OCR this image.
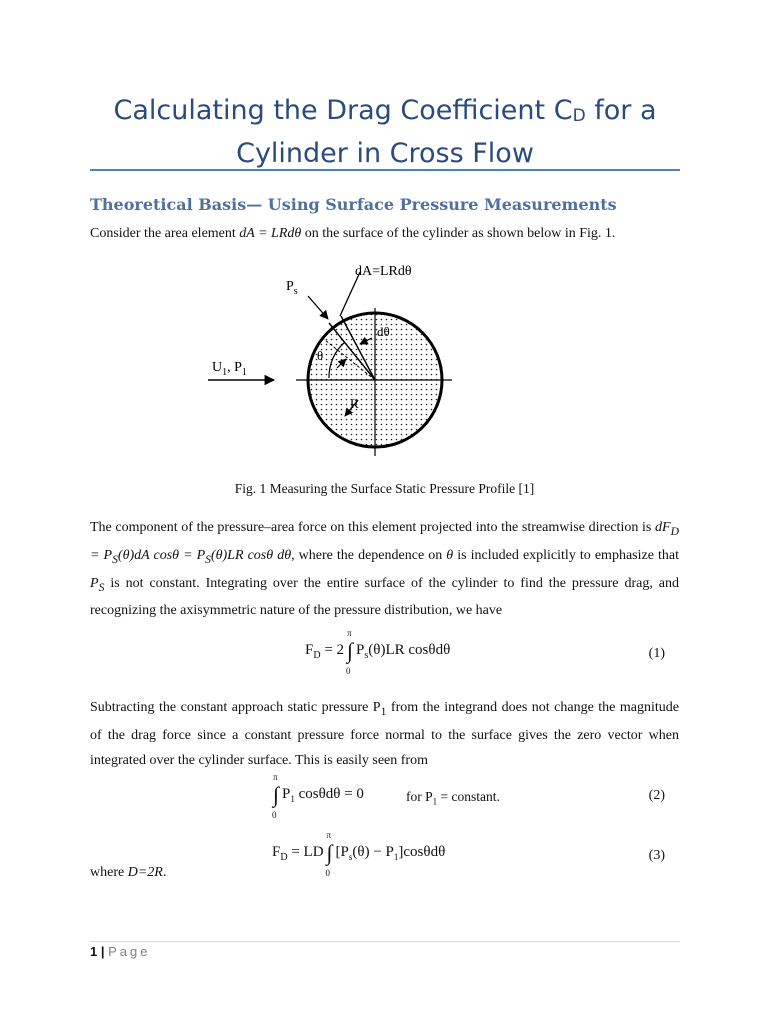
Calculating the Drag Coefficient $C_D$ for a
Cylinder in Cross Flow
Theoretical Basis— Using Surface Pressure Measurements

Consider the area element dA = LRdθ on the surface of the cylinder as shown below in Fig. 1.

$P_s$
dA=LRdθ
dθ
θ
R
$U_1$, $P_1$
Fig. 1 Measuring the Surface Static Pressure Profile [1]

The component of the pressure–area force on this element projected into the streamwise direction is $dF_D = P_S(\theta)dA$ $\cos\theta = P_S(\theta)LR$ cosθ dθ, where the dependence on θ is included explicitly to emphasize that $P_S$ is not constant. Integrating over the entire surface of the cylinder to find the pressure drag, and recognizing the axisymmetric nature of the pressure distribution, we have

$F_D = 2$ ∫
π
0
$P_s(\theta)LR$ cosθdθ	(1)

Subtracting the constant approach static pressure $P_1$ from the integrand does not change the magnitude of the drag force since a constant pressure force normal to the surface gives the zero vector when integrated over the cylinder surface. This is easily seen from

∫
π
0
$P_1$ cosθdθ = 0	for $P_1$ = constant.	(2)
$F_D$ = LD ∫
π
0
$[P_s(\theta) - P_1]\cos\theta d\theta$	(3)

where D=2R.

1 | Page
